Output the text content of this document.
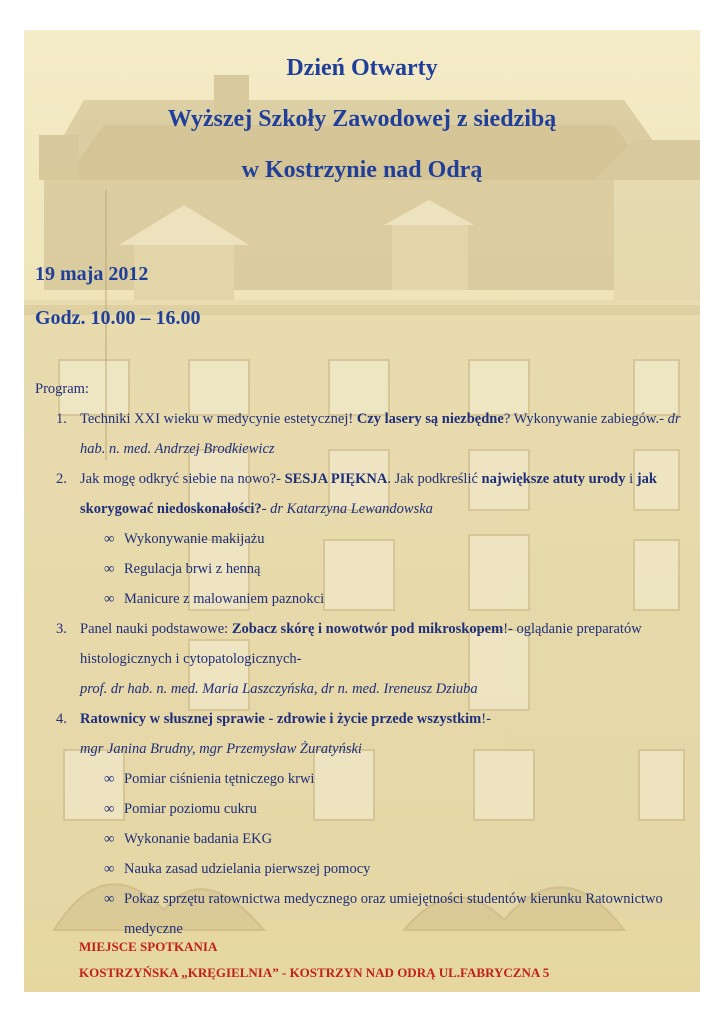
Dzień Otwarty

Wyższej Szkoły Zawodowej z siedzibą

w Kostrzynie nad Odrą

19 maja 2012

Godz. 10.00 – 16.00

Program:
1. Techniki XXI wieku w medycynie estetycznej! Czy lasery są niezbędne? Wykonywanie zabiegów.- dr hab. n. med. Andrzej Brodkiewicz
2. Jak mogę odkryć siebie na nowo?- SESJA PIĘKNA. Jak podkreślić największe atuty urody i jak skorygować niedoskonałości?- dr Katarzyna Lewandowska
∞ Wykonywanie makijażu
∞ Regulacja brwi z henną
∞ Manicure z malowaniem paznokci
3. Panel nauki podstawowe: Zobacz skórę i nowotwór pod mikroskopem!- oglądanie preparatów histologicznych i cytopatologicznych-
prof. dr hab. n. med. Maria Laszczyńska, dr n. med. Ireneusz Dziuba
4. Ratownicy w słusznej sprawie - zdrowie i życie przede wszystkim!-
mgr Janina Brudny, mgr Przemysław Żuratyński
∞ Pomiar ciśnienia tętniczego krwi
∞ Pomiar poziomu cukru
∞ Wykonanie badania EKG
∞ Nauka zasad udzielania pierwszej pomocy
∞ Pokaz sprzętu ratownictwa medycznego oraz umiejętności studentów kierunku Ratownictwo medyczne

MIEJSCE SPOTKANIA

KOSTRZYŃSKA „KRĘGIELNIA” - KOSTRZYN NAD ODRĄ UL.FABRYCZNA 5
